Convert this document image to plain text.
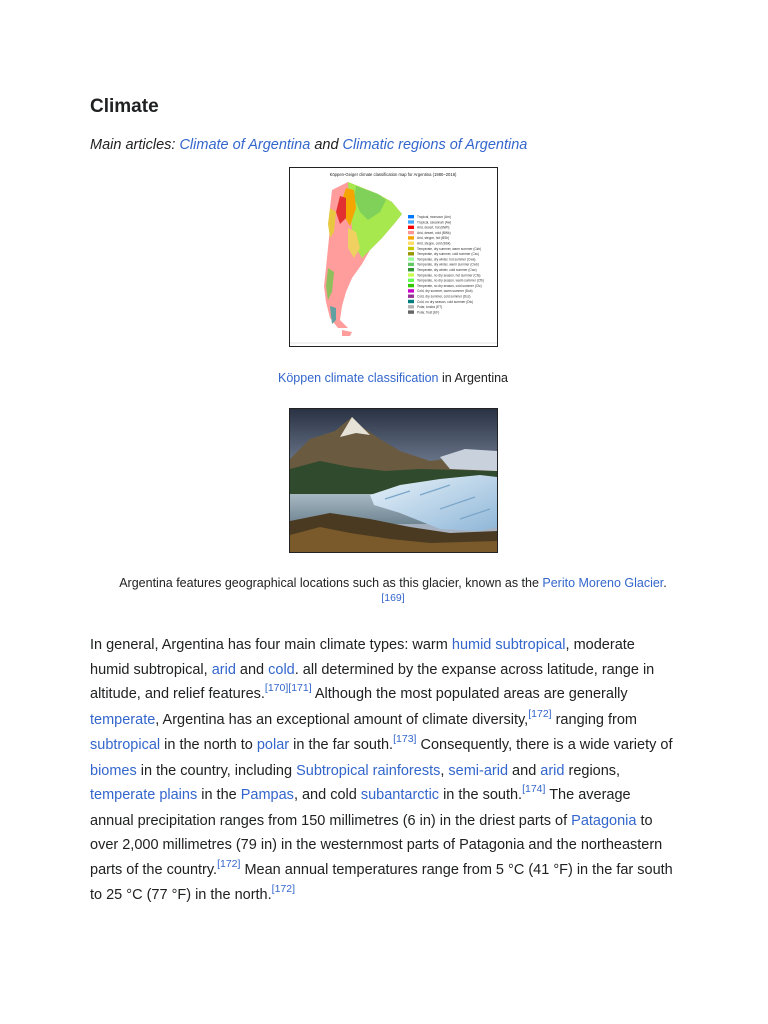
Climate
Main articles: Climate of Argentina and Climatic regions of Argentina
Köppen-Geiger climate classification map for Argentina (1980–2016)
Tropical, monsoon (Am)
Tropical, savannah (Aw)
Arid, desert, hot (BWh)
Arid, desert, cold (BWk)
Arid, steppe, hot (BSh)
Arid, steppe, cold (BSk)
Temperate, dry summer, warm summer (Csb)
Temperate, dry summer, cold summer (Csc)
Temperate, dry winter, hot summer (Cwa)
Temperate, dry winter, warm summer (Cwb)
Temperate, dry winter, cold summer (Cwc)
Temperate, no dry season, hot summer (Cfa)
Temperate, no dry season, warm summer (Cfb)
Temperate, no dry season, cold summer (Cfc)
Cold, dry summer, warm summer (Dsb)
Cold, dry summer, cold summer (Dsc)
Cold, no dry season, cold summer (Dfc)
Polar, tundra (ET)
Polar, frost (EF)
Köppen climate classification in Argentina
Argentina features geographical locations such as this glacier, known as the Perito Moreno Glacier.[169]

In general, Argentina has four main climate types: warm humid subtropical, moderate humid subtropical, arid and cold. all determined by the expanse across latitude, range in altitude, and relief features.[170][171] Although the most populated areas are generally temperate, Argentina has an exceptional amount of climate diversity,[172] ranging from subtropical in the north to polar in the far south.[173] Consequently, there is a wide variety of biomes in the country, including Subtropical rainforests, semi-arid and arid regions, temperate plains in the Pampas, and cold subantarctic in the south.[174] The average annual precipitation ranges from 150 millimetres (6 in) in the driest parts of Patagonia to over 2,000 millimetres (79 in) in the westernmost parts of Patagonia and the northeastern parts of the country.[172] Mean annual temperatures range from 5 °C (41 °F) in the far south to 25 °C (77 °F) in the north.[172]
